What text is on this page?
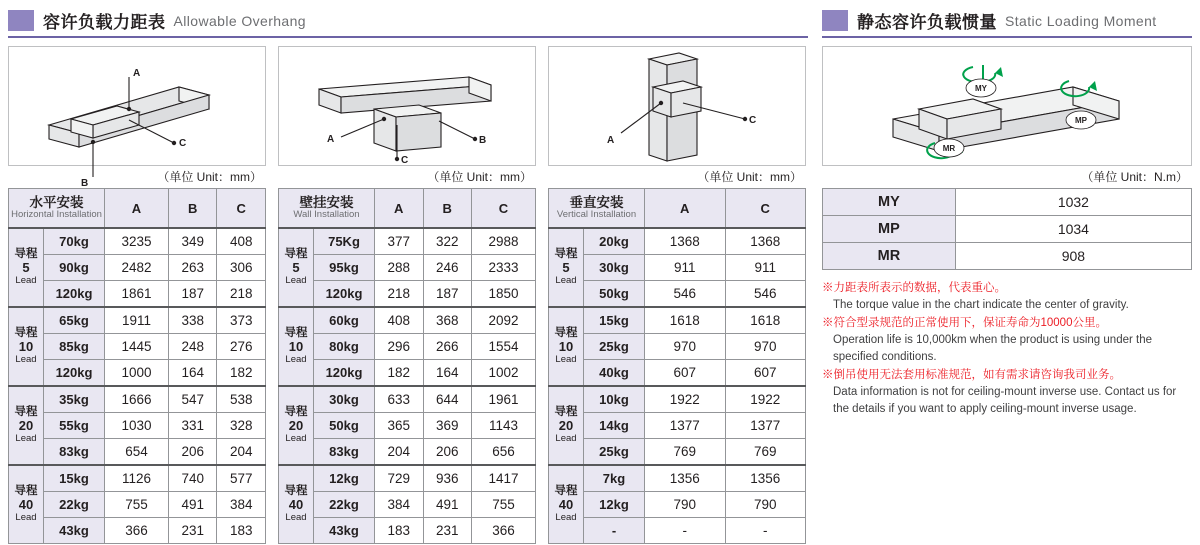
容许负载力距表 Allowable Overhang
A
B
C
（单位 Unit：mm）
水平安装
Horizontal Installation		A	B	C
导程
5
Lead	70kg	3235	349	408
	90kg	2482	263	306
	120kg	1861	187	218
导程
10
Lead	65kg	1911	338	373
	85kg	1445	248	276
	120kg	1000	164	182
导程
20
Lead	35kg	1666	547	538
	55kg	1030	331	328
	83kg	654	206	204
导程
40
Lead	15kg	1126	740	577
	22kg	755	491	384
	43kg	366	231	183
A	B
C
（单位 Unit：mm）
壁挂安装
Wall Installation		A	B	C
导程
5
Lead	75Kg	377	322	2988
	95kg	288	246	2333
	120kg	218	187	1850
导程
10
Lead	60kg	408	368	2092
	80kg	296	266	1554
	120kg	182	164	1002
导程
20
Lead	30kg	633	644	1961
	50kg	365	369	1143
	83kg	204	206	656
导程
40
Lead	12kg	729	936	1417
	22kg	384	491	755
	43kg	183	231	366
A
C
（单位 Unit：mm）
垂直安装
Vertical Installation		A	C
导程
5
Lead	20kg	1368	1368
	30kg	911	911
	50kg	546	546
导程
10
Lead	15kg	1618	1618
	25kg	970	970
	40kg	607	607
导程
20
Lead	10kg	1922	1922
	14kg	1377	1377
	25kg	769	769
导程
40
Lead	7kg	1356	1356
	12kg	790	790
	-	-	-
静态容许负载惯量 Static Loading Moment
MY
MP
MR
（单位 Unit：N.m）
MY	1032
MP	1034
MR	908
※力距表所表示的数据，代表重心。
The torque value in the chart indicate the center of gravity.
※符合型录规范的正常使用下，保证寿命为10000公里。
Operation life is 10,000km when the product is using under the specified conditions.
※倒吊使用无法套用标准规范，如有需求请咨询我司业务。
Data information is not for ceiling-mount inverse use. Contact us for the details if you want to apply ceiling-mount inverse usage.
